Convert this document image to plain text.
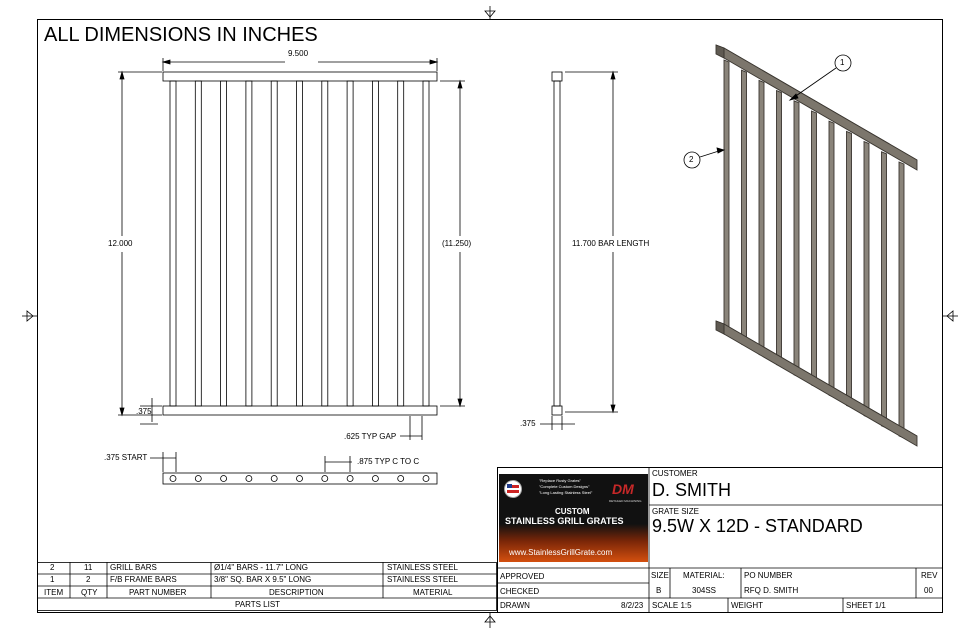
ALL DIMENSIONS IN INCHES
9.500
12.000	(11.250)
.375
.625 TYP GAP
.375 START	.875 TYP C TO C
11.700 BAR LENGTH
.375
1
2
CUSTOMER
D. SMITH
GRATE SIZE
9.5W X 12D - STANDARD
APPROVED
CHECKED
DRAWN	8/2/23
SIZE
B
MATERIAL:
304SS
PO NUMBER
RFQ D. SMITH
REV
00
SCALE 1:5	WEIGHT	SHEET 1/1
"Replace Rusty Grates"
"Complete Custom Designs"
"Long Lasting Stainless Steel" DM
DETAILED MACHINING
CUSTOM
STAINLESS GRILL GRATES
www.StainlessGrillGrate.com
2	11 GRILL BARS	Ø1/4" BARS - 11.7" LONG	STAINLESS STEEL
1	2 F/B FRAME BARS	3/8" SQ. BAR X 9.5" LONG	STAINLESS STEEL
ITEM QTY	PART NUMBER	DESCRIPTION	MATERIAL
PARTS LIST
